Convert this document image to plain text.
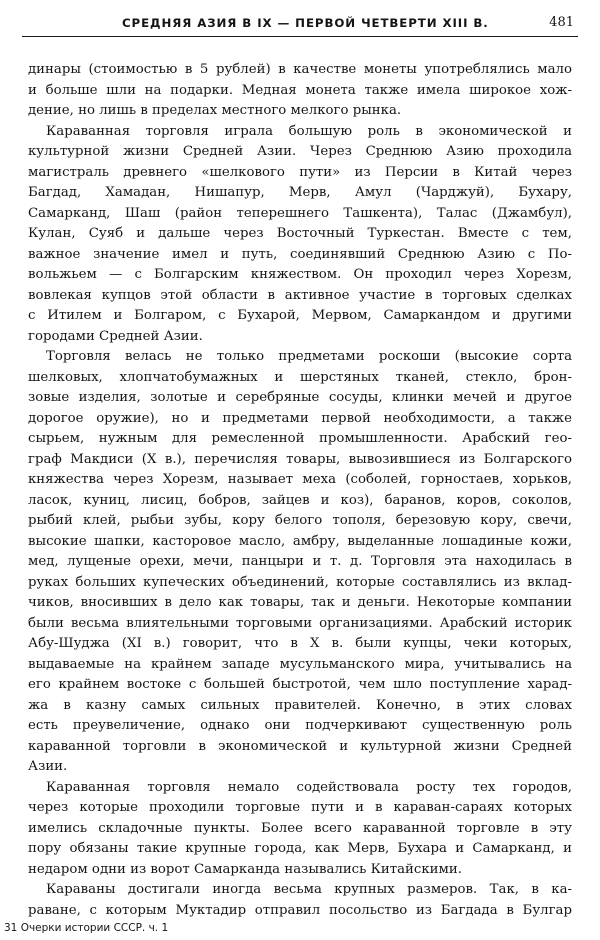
СРЕДНЯЯ АЗИЯ В IX — ПЕРВОЙ ЧЕТВЕРТИ XIII В.	481
динары (стоимостью в 5 рублей) в качестве монеты употреблялись мало
и больше шли на подарки. Медная монета также имела широкое хож-
дение, но лишь в пределах местного мелкого рынка.
Караванная торговля играла большую роль в экономической и
культурной жизни Средней Азии. Через Среднюю Азию проходила
магистраль древнего «шелкового пути» из Персии в Китай через
Багдад, Хамадан, Нишапур, Мерв, Амул (Чарджуй), Бухару,
Самарканд, Шаш (район теперешнего Ташкента), Талас (Джамбул),
Кулан, Суяб и дальше через Восточный Туркестан. Вместе с тем,
важное значение имел и путь, соединявший Среднюю Азию с По-
вольжьем — с Болгарским княжеством. Он проходил через Хорезм,
вовлекая купцов этой области в активное участие в торговых сделках
с Итилем и Болгаром, с Бухарой, Мервом, Самаркандом и другими
городами Средней Азии.
Торговля велась не только предметами роскоши (высокие сорта
шелковых, хлопчатобумажных и шерстяных тканей, стекло, брон-
зовые изделия, золотые и серебряные сосуды, клинки мечей и другое
дорогое оружие), но и предметами первой необходимости, а также
сырьем, нужным для ремесленной промышленности. Арабский гео-
граф Макдиси (X в.), перечисляя товары, вывозившиеся из Болгарского
княжества через Хорезм, называет меха (соболей, горностаев, хорьков,
ласок, куниц, лисиц, бобров, зайцев и коз), баранов, коров, соколов,
рыбий клей, рыбьи зубы, кору белого тополя, березовую кору, свечи,
высокие шапки, касторовое масло, амбру, выделанные лошадиные кожи,
мед, лущеные орехи, мечи, панцыри и т. д. Торговля эта находилась в
руках больших купеческих объединений, которые составлялись из вклад-
чиков, вносивших в дело как товары, так и деньги. Некоторые компании
были весьма влиятельными торговыми организациями. Арабский историк
Абу-Шуджа (XI в.) говорит, что в X в. были купцы, чеки которых,
выдаваемые на крайнем западе мусульманского мира, учитывались на
его крайнем востоке с большей быстротой, чем шло поступление харад-
жа в казну самых сильных правителей. Конечно, в этих словах
есть преувеличение, однако они подчеркивают существенную роль
караванной торговли в экономической и культурной жизни Средней
Азии.
Караванная торговля немало содействовала росту тех городов,
через которые проходили торговые пути и в караван-сараях которых
имелись складочные пункты. Более всего караванной торговле в эту
пору обязаны такие крупные города, как Мерв, Бухара и Самарканд, и
недаром одни из ворот Самарканда назывались Китайскими.
Караваны достигали иногда весьма крупных размеров. Так, в ка-
раване, с которым Муктадир отправил посольство из Багдада в Булгар
31 Очерки истории СССР. ч. 1
